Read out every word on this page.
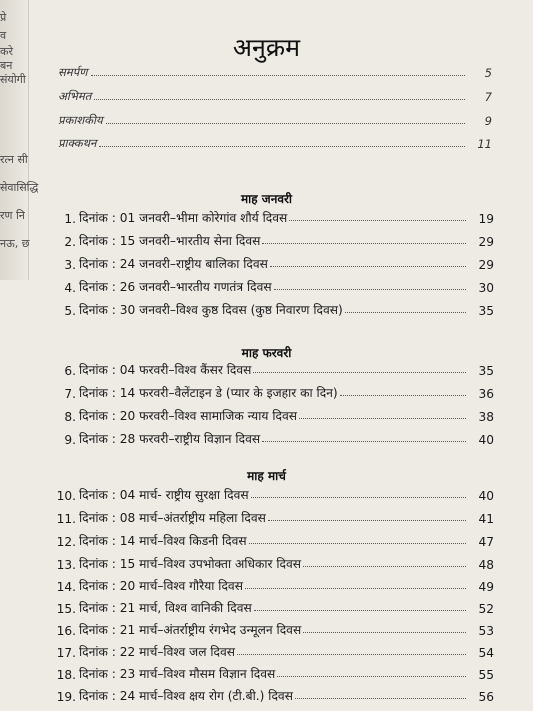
प्रे
व
करे
बन
संयोगी
रत्न सी
सेवासिद्धि
रण नि
नऊ, छ
अनुक्रम
समर्पण	5
अभिमत	7
प्रकाशकीय	9
प्राक्कथन	11
माह जनवरी
1. दिनांक : 01 जनवरी–भीमा कोरेगांव शौर्य दिवस	19
2. दिनांक : 15 जनवरी–भारतीय सेना दिवस	29
3. दिनांक : 24 जनवरी–राष्ट्रीय बालिका दिवस	29
4. दिनांक : 26 जनवरी–भारतीय गणतंत्र दिवस	30
5. दिनांक : 30 जनवरी–विश्व कुष्ठ दिवस (कुष्ठ निवारण दिवस)	35
माह फरवरी
6. दिनांक : 04 फरवरी–विश्व कैंसर दिवस	35
7. दिनांक : 14 फरवरी–वैलेंटाइन डे (प्यार के इजहार का दिन)	36
8. दिनांक : 20 फरवरी–विश्व सामाजिक न्याय दिवस	38
9. दिनांक : 28 फरवरी–राष्ट्रीय विज्ञान दिवस	40
माह मार्च
10. दिनांक : 04 मार्च- राष्ट्रीय सुरक्षा दिवस	40
11. दिनांक : 08 मार्च–अंतर्राष्ट्रीय महिला दिवस	41
12. दिनांक : 14 मार्च–विश्व किडनी दिवस	47
13. दिनांक : 15 मार्च–विश्व उपभोक्ता अधिकार दिवस	48
14. दिनांक : 20 मार्च–विश्व गौरैया दिवस	49
15. दिनांक : 21 मार्च, विश्व वानिकी दिवस	52
16. दिनांक : 21 मार्च–अंतर्राष्ट्रीय रंगभेद उन्मूलन दिवस	53
17. दिनांक : 22 मार्च–विश्व जल दिवस	54
18. दिनांक : 23 मार्च–विश्व मौसम विज्ञान दिवस	55
19. दिनांक : 24 मार्च–विश्व क्षय रोग (टी.बी.) दिवस	56
